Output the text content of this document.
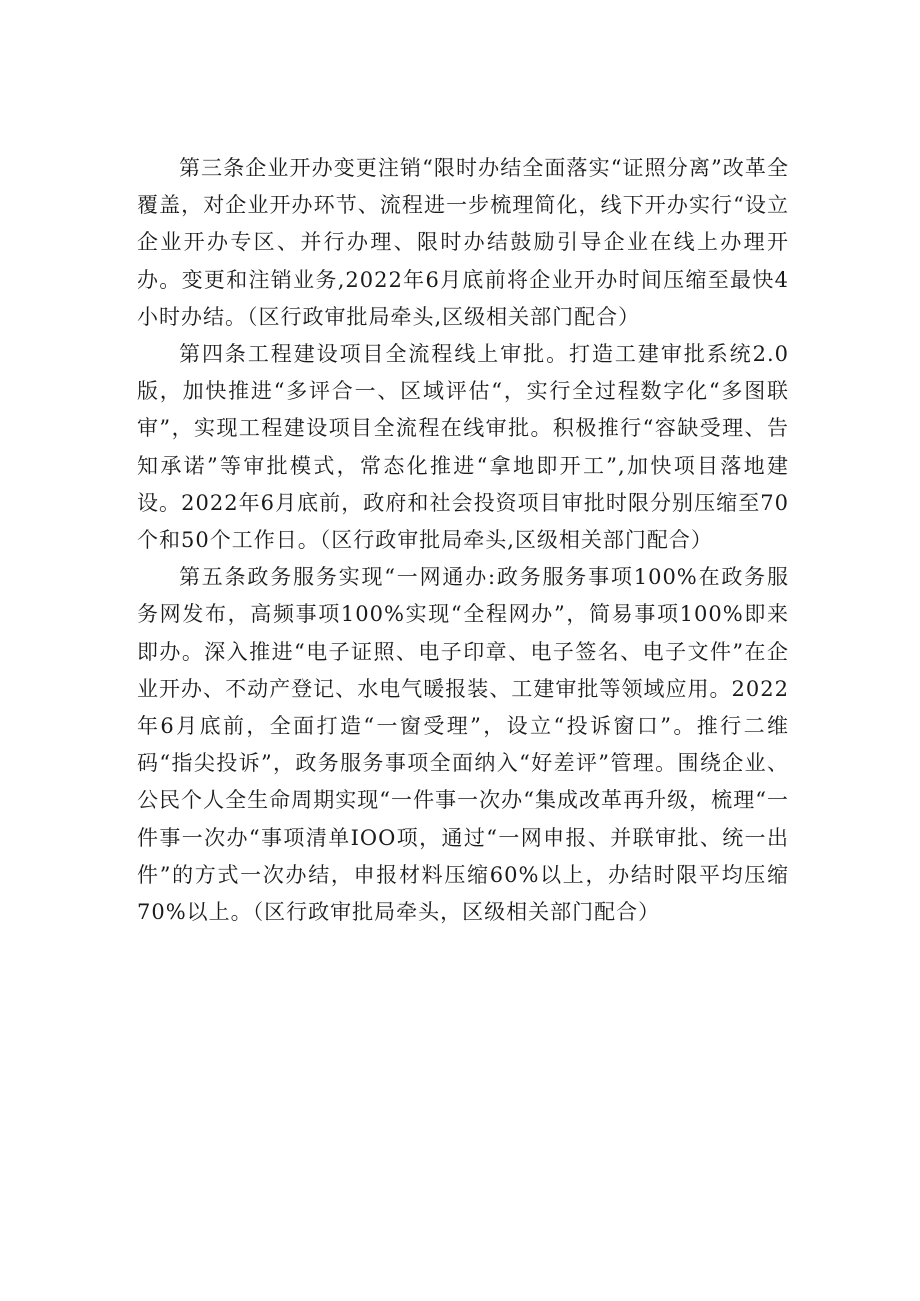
第三条企业开办变更注销“限时办结全面落实“证照分离”改革全覆盖，对企业开办环节、流程进一步梳理简化，线下开办实行“设立企业开办专区、并行办理、限时办结鼓励引导企业在线上办理开办。变更和注销业务,2022年6月底前将企业开办时间压缩至最快4小时办结。（区行政审批局牵头,区级相关部门配合）

第四条工程建设项目全流程线上审批。打造工建审批系统2.0版，加快推进“多评合一、区域评估“，实行全过程数字化“多图联审”，实现工程建设项目全流程在线审批。积极推行“容缺受理、告知承诺”等审批模式，常态化推进“拿地即开工”,加快项目落地建设。2022年6月底前，政府和社会投资项目审批时限分别压缩至70个和50个工作日。（区行政审批局牵头,区级相关部门配合）

第五条政务服务实现“一网通办:政务服务事项100%在政务服务网发布，高频事项100%实现“全程网办”，简易事项100%即来即办。深入推进“电子证照、电子印章、电子签名、电子文件”在企业开办、不动产登记、水电气暖报装、工建审批等领域应用。2022年6月底前，全面打造“一窗受理”，设立“投诉窗口”。推行二维码“指尖投诉”，政务服务事项全面纳入“好差评”管理。围绕企业、公民个人全生命周期实现“一件事一次办“集成改革再升级，梳理“一件事一次办“事项清单IOO项，通过“一网申报、并联审批、统一出件”的方式一次办结，申报材料压缩60%以上，办结时限平均压缩70%以上。（区行政审批局牵头，区级相关部门配合）
